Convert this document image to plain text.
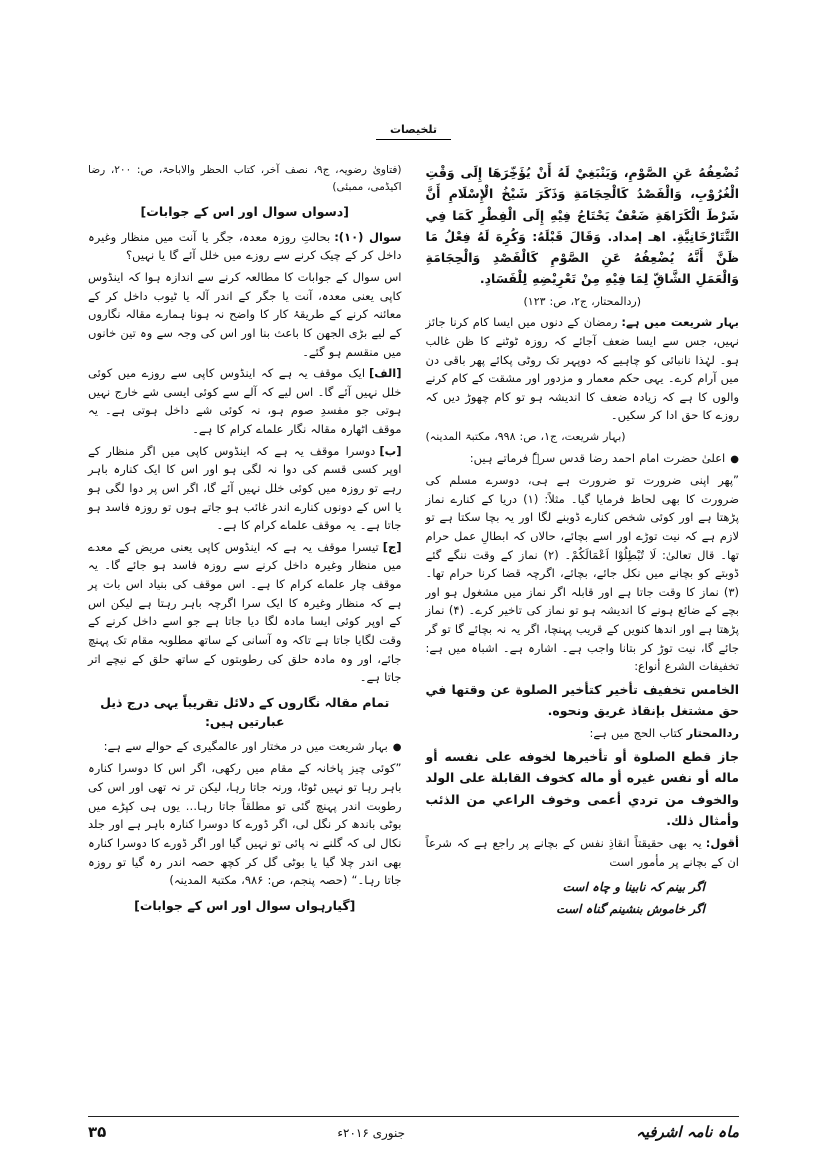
تلخيصات

تُضْعِفُهُ عَنِ الصَّوْمِ، وَيَنْبَغِيْ لَهُ أَنْ يُؤَخِّرَهَا إِلَى وَقْتِ الْغُرُوْبِ، وَالْفَصْدُ كَالْحِجَامَةِ وَذَكَرَ شَيْخُ الْإِسْلَامِ أَنَّ شَرْطَ الْكَرَاهَةِ ضَعْفٌ يَحْتَاجُ فِيْهِ إِلَى الْفِطْرِ كَمَا فِي التَّتَارْخَانِيَّةِ. اهـ إمداد. وَقَالَ قَبْلَهُ: وَكُرِهَ لَهُ فِعْلُ مَا ظَنَّ أَنَّهُ يُضْعِفُهُ عَنِ الصَّوْمِ كَالْفَصْدِ وَالْحِجَامَةِ وَالْعَمَلِ الشَّاقِّ لِمَا فِيْهِ مِنْ تَعْرِيْضِهِ لِلْفَسَادِ.

(ردالمحتار، ج۲، ص: ۱۲۳)

بہار شریعت میں ہے:رمضان کے دنوں میں ایسا کام کرنا جائز نہیں، جس سے ایسا ضعف آجائے کہ روزہ ٹوٹنے کا ظن غالب ہو۔ لہٰذا نانبائی کو چاہیے کہ دوپہر تک روٹی پکائے پھر باقی دن میں آرام کرے۔ یہی حکم معمار و مزدور اور مشقت کے کام کرنے والوں کا ہے کہ زیادہ ضعف کا اندیشہ ہو تو کام چھوڑ دیں کہ روزے کا حق ادا کر سکیں۔

(بہار شریعت، ج۱، ص: ۹۹۸، مکتبۃ المدینہ)

●اعلیٰ حضرت امام احمد رضا قدس سرہٗ فرماتے ہیں:

”پھر اپنی ضرورت تو ضرورت ہے ہی، دوسرے مسلم کی ضرورت کا بھی لحاظ فرمایا گیا۔ مثلاً: (۱) دریا کے کنارے نماز پڑھتا ہے اور کوئی شخص کنارے ڈوبنے لگا اور یہ بچا سکتا ہے تو لازم ہے کہ نیت توڑے اور اسے بچائے، حالاں کہ ابطالِ عمل حرام تھا۔ قال تعالیٰ: لَا تُبْطِلُوْا اَعْمَالَكُمْ۔ (۲) نماز کے وقت ننگے گئے ڈوبتے کو بچانے میں نکل جائے، بچائے، اگرچہ قضا کرنا حرام تھا۔ (۳) نماز کا وقت جاتا ہے اور قابلہ اگر نماز میں مشغول ہو اور بچے کے ضائع ہونے کا اندیشہ ہو تو نماز کی تاخیر کرے۔ (۴) نماز پڑھتا ہے اور اندھا کنویں کے قریب پہنچا، اگر یہ نہ بچائے گا تو گر جائے گا، نیت توڑ کر بتانا واجب ہے۔ اشارہ ہے۔ اشباہ میں ہے: تخفیفات الشرع أنواع:

الخامس تخفيف تأخير كتأخير الصلوة عن وقتها في حق مشتغل بإنقاذ غريق ونحوه.

ردالمحتارکتاب الحج میں ہے:

جاز قطع الصلوة أو تأخيرها لخوفه على نفسه أو ماله أو نفس غيره أو ماله كخوف القابلة على الولد والخوف من تردي أعمى وخوف الراعي من الذئب وأمثال ذلك.

أقول:یہ بھی حقیقتاً انقاذِ نفس کے بچانے پر راجع ہے کہ شرعاً ان کے بچانے پر مأمور است

اگر بینم کہ نابینا و چاہ است

اگر خاموش بنشینم گناہ است

(فتاویٰ رضویہ، ج۹، نصف آخر، کتاب الحظر والاباحۃ، ص: ۲۰۰، رضا اکیڈمی، ممبئی)

[دسواں سوال اور اس کے جوابات]

سوال (۱۰):بحالتِ روزہ معدہ، جگر یا آنت میں منظار وغیرہ داخل کر کے چیک کرنے سے روزے میں خلل آئے گا یا نہیں؟

اس سوال کے جوابات کا مطالعہ کرنے سے اندازہ ہوا کہ اینڈوس کاپی یعنی معدہ، آنت یا جگر کے اندر آلہ یا ٹیوب داخل کر کے معائنہ کرنے کے طریقۂ کار کا واضح نہ ہونا ہمارے مقالہ نگاروں کے لیے بڑی الجھن کا باعث بنا اور اس کی وجہ سے وہ تین خانوں میں منقسم ہو گئے۔

[الف]ایک موقف یہ ہے کہ اینڈوس کاپی سے روزے میں کوئی خلل نہیں آئے گا۔ اس لیے کہ آلے سے کوئی ایسی شے خارج نہیں ہوتی جو مفسدِ صوم ہو، نہ کوئی شے داخل ہوتی ہے۔ یہ موقف اٹھارہ مقالہ نگار علماے کرام کا ہے۔

[ب]دوسرا موقف یہ ہے کہ اینڈوس کاپی میں اگر منظار کے اوپر کسی قسم کی دوا نہ لگی ہو اور اس کا ایک کنارہ باہر رہے تو روزہ میں کوئی خلل نہیں آئے گا، اگر اس پر دوا لگی ہو یا اس کے دونوں کنارے اندر غائب ہو جاتے ہوں تو روزہ فاسد ہو جاتا ہے۔ یہ موقف علماے کرام کا ہے۔

[ج]تیسرا موقف یہ ہے کہ اینڈوس کاپی یعنی مریض کے معدے میں منظار وغیرہ داخل کرنے سے روزہ فاسد ہو جائے گا۔ یہ موقف چار علماے کرام کا ہے۔ اس موقف کی بنیاد اس بات پر ہے کہ منظار وغیرہ کا ایک سرا اگرچہ باہر رہتا ہے لیکن اس کے اوپر کوئی ایسا مادہ لگا دیا جاتا ہے جو اسے داخل کرنے کے وقت لگایا جاتا ہے تاکہ وہ آسانی کے ساتھ مطلوبہ مقام تک پہنچ جائے، اور وہ مادہ حلق کی رطوبتوں کے ساتھ حلق کے نیچے اتر جاتا ہے۔

تمام مقالہ نگاروں کے دلائل تقریباً یہی درج ذیل عبارتیں ہیں:

●بہار شریعت میں در مختار اور عالمگیری کے حوالے سے ہے:

”کوئی چیز پاخانہ کے مقام میں رکھی، اگر اس کا دوسرا کنارہ باہر رہا تو نہیں ٹوٹا، ورنہ جاتا رہا، لیکن تر نہ تھی اور اس کی رطوبت اندر پہنچ گئی تو مطلقاً جاتا رہا… یوں ہی کپڑے میں بوٹی باندھ کر نگل لی، اگر ڈورے کا دوسرا کنارہ باہر ہے اور جلد نکال لی کہ گلنے نہ پائی تو نہیں گیا اور اگر ڈورے کا دوسرا کنارہ بھی اندر چلا گیا یا بوٹی گل کر کچھ حصہ اندر رہ گیا تو روزہ جاتا رہا۔“ (حصہ پنجم، ص: ۹۸۶، مکتبۃ المدینہ)

[گیارہواں سوال اور اس کے جوابات]
ماہ نامہ اشرفیہ
جنوری ۲۰۱۶ء
۳۵
